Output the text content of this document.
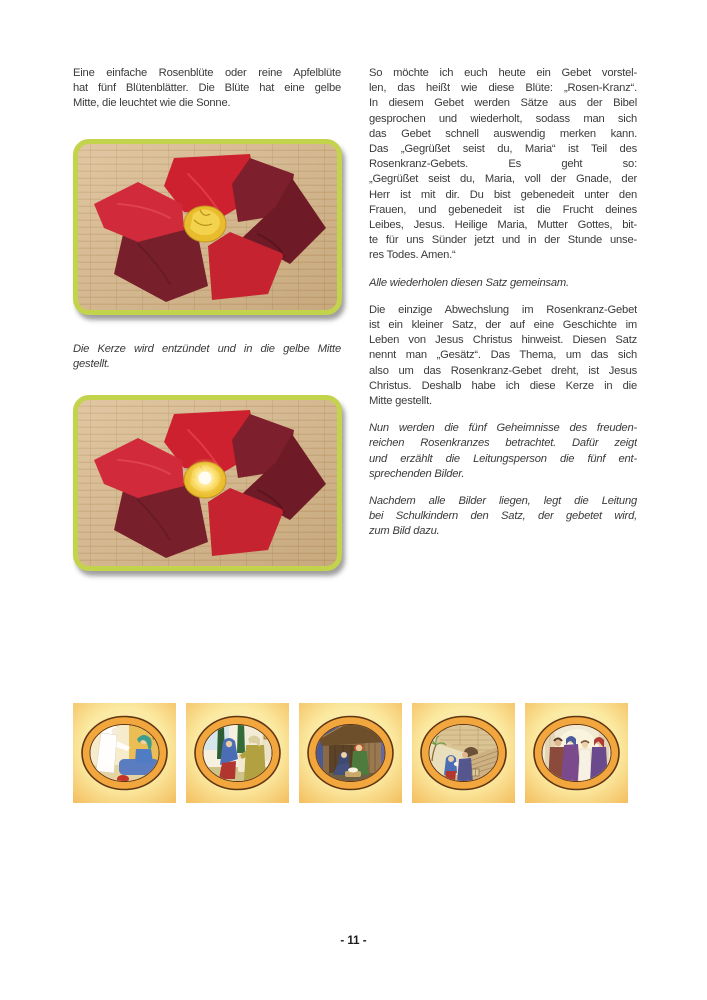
Eine einfache Rosenblüte oder reine Apfelblüte
hat fünf Blütenblätter. Die Blüte hat eine gelbe
Mitte, die leuchtet wie die Sonne.
Die Kerze wird entzündet und in die gelbe Mitte
gestellt.
So möchte ich euch heute ein Gebet vorstel-
len, das heißt wie diese Blüte: „Rosen-Kranz“.
In diesem Gebet werden Sätze aus der Bibel
gesprochen und wiederholt, sodass man sich
das Gebet schnell auswendig merken kann.
Das „Gegrüßet seist du, Maria“ ist Teil des
Rosenkranz-Gebets. Es geht so:
„Gegrüßet seist du, Maria, voll der Gnade, der
Herr ist mit dir. Du bist gebenedeit unter den
Frauen, und gebenedeit ist die Frucht deines
Leibes, Jesus. Heilige Maria, Mutter Gottes, bit-
te für uns Sünder jetzt und in der Stunde unse-
res Todes. Amen.“
Alle wiederholen diesen Satz gemeinsam.
Die einzige Abwechslung im Rosenkranz-Gebet
ist ein kleiner Satz, der auf eine Geschichte im
Leben von Jesus Christus hinweist. Diesen Satz
nennt man „Gesätz“. Das Thema, um das sich
also um das Rosenkranz-Gebet dreht, ist Jesus
Christus. Deshalb habe ich diese Kerze in die
Mitte gestellt.
Nun werden die fünf Geheimnisse des freuden-
reichen Rosenkranzes betrachtet. Dafür zeigt
und erzählt die Leitungsperson die fünf ent-
sprechenden Bilder.
Nachdem alle Bilder liegen, legt die Leitung
bei Schulkindern den Satz, der gebetet wird,
zum Bild dazu.
- 11 -
